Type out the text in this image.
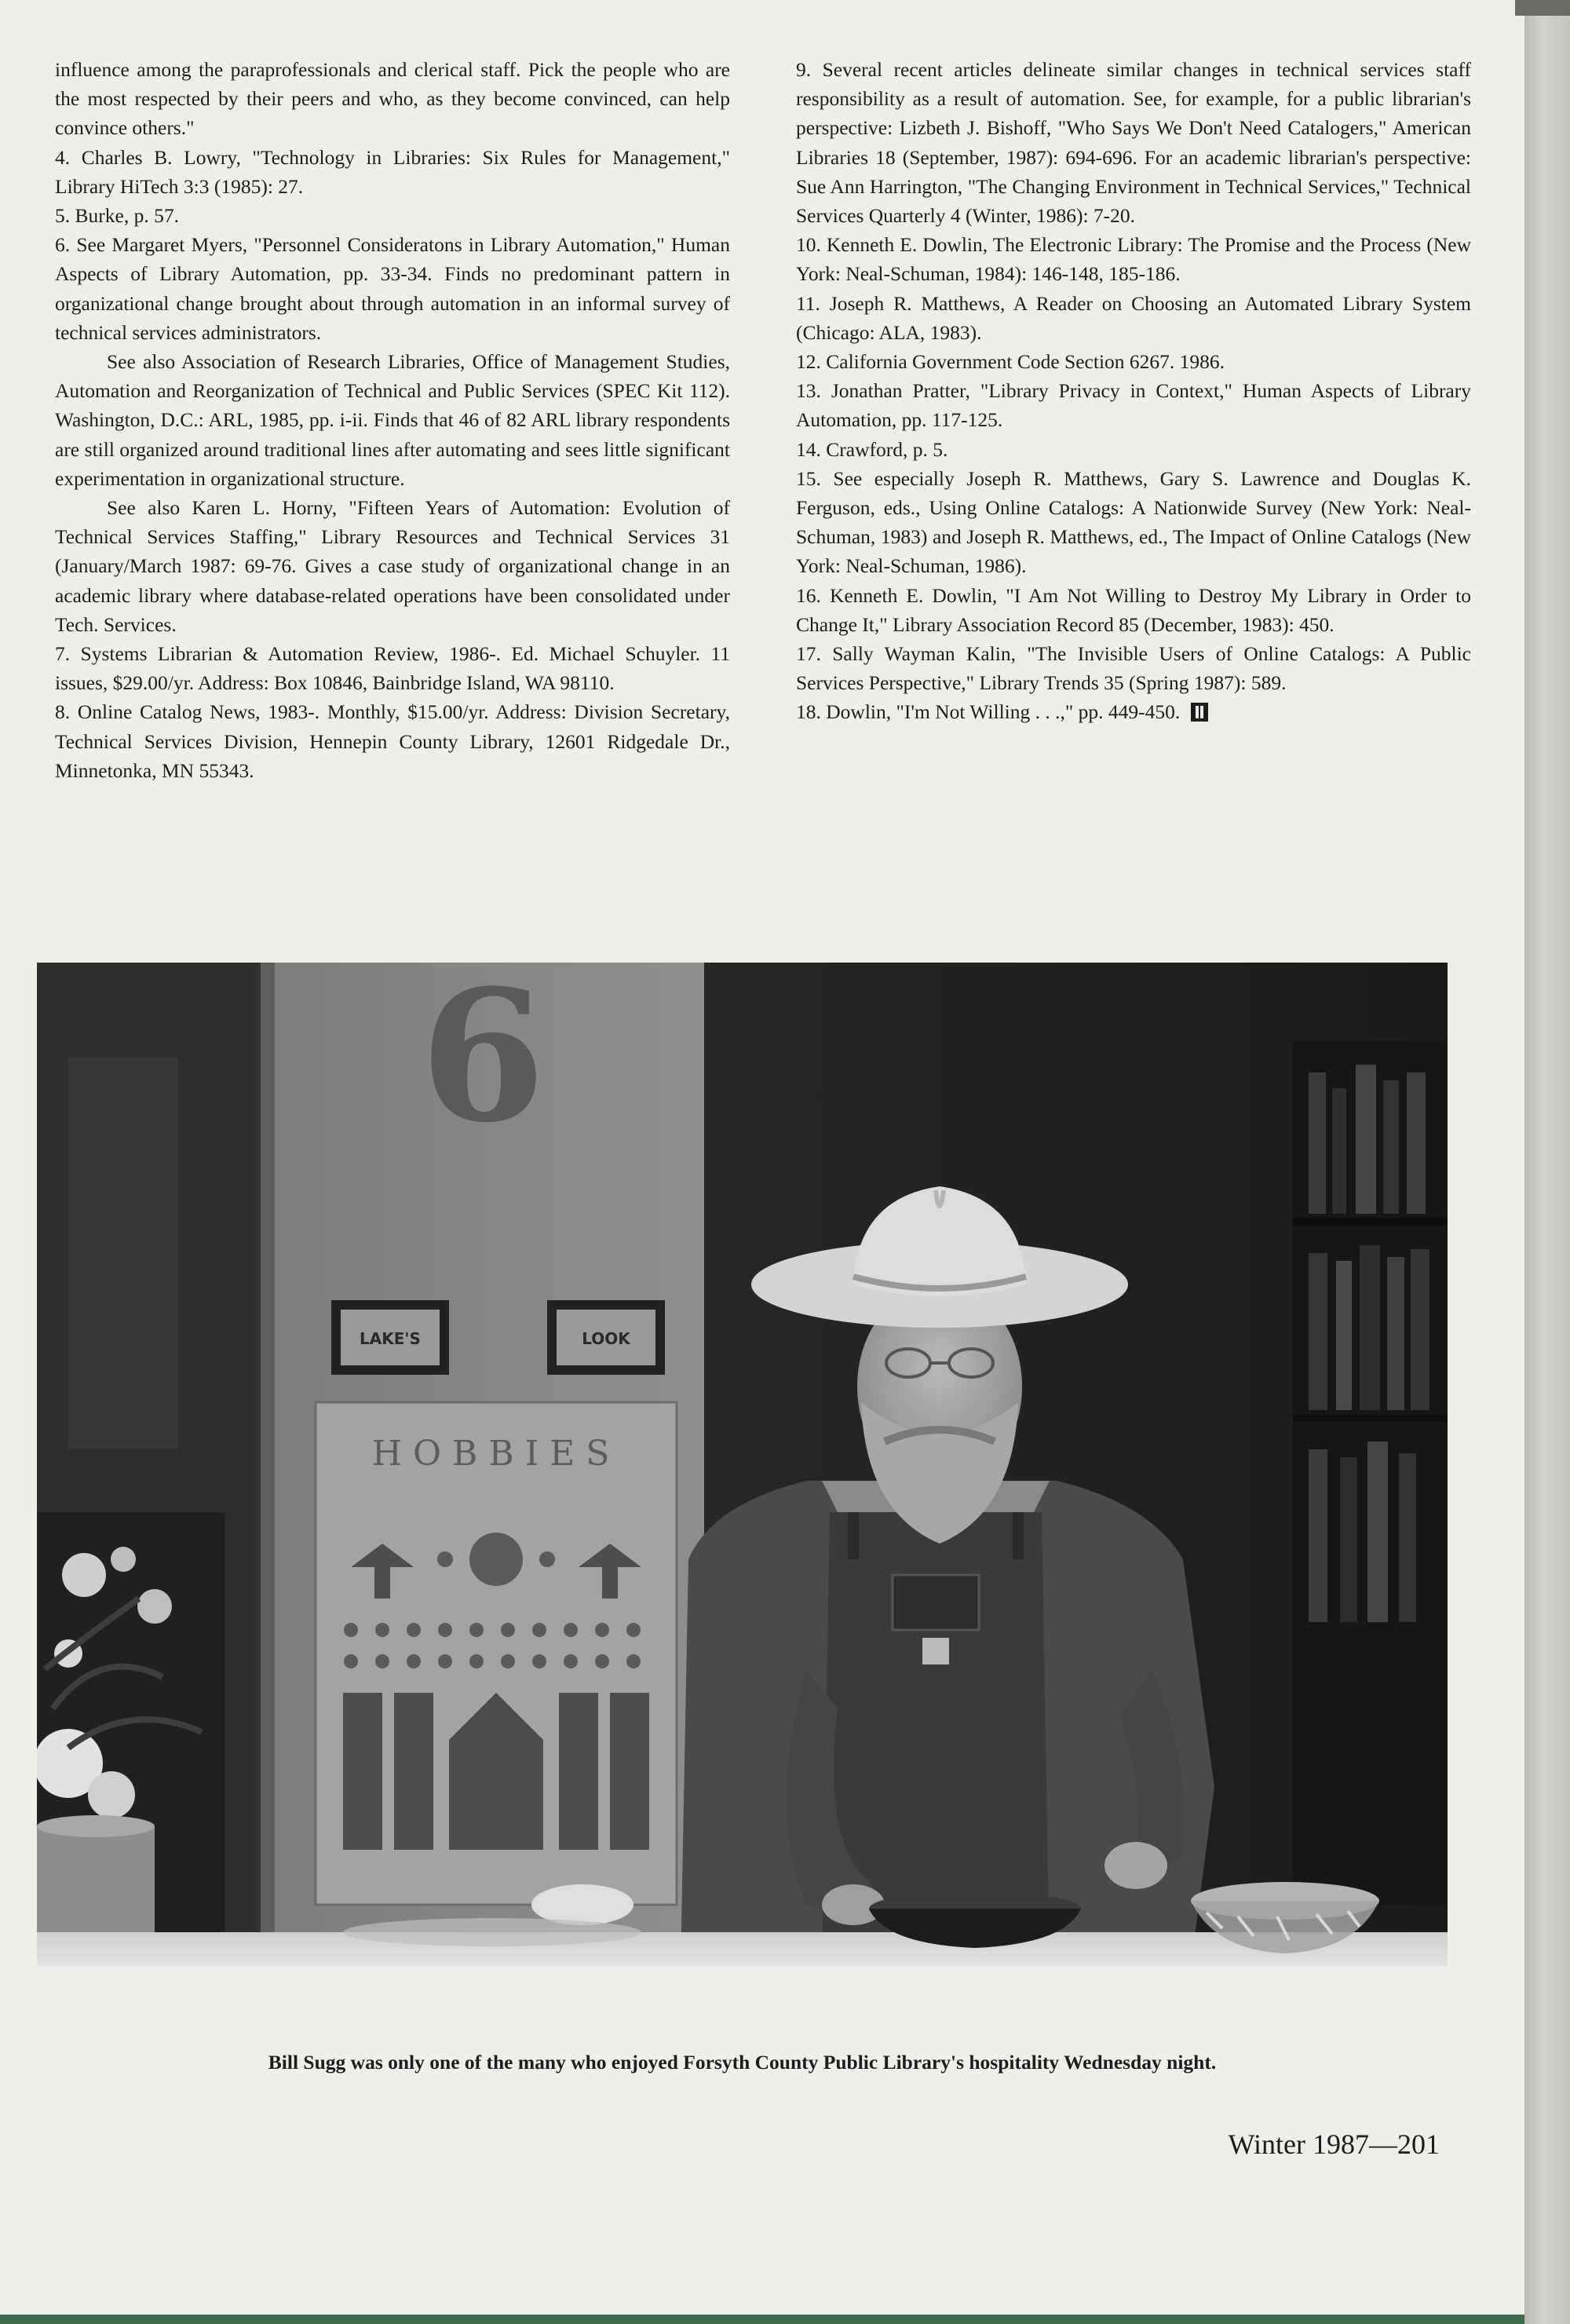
influence among the paraprofessionals and clerical staff. Pick the people who are the most respected by their peers and who, as they become convinced, can help convince others."

4. Charles B. Lowry, "Technology in Libraries: Six Rules for Management," Library HiTech 3:3 (1985): 27.

5. Burke, p. 57.

6. See Margaret Myers, "Personnel Consideratons in Library Automation," Human Aspects of Library Automation, pp. 33-34. Finds no predominant pattern in organizational change brought about through automation in an informal survey of technical services administrators.

See also Association of Research Libraries, Office of Management Studies, Automation and Reorganization of Technical and Public Services (SPEC Kit 112). Washington, D.C.: ARL, 1985, pp. i-ii. Finds that 46 of 82 ARL library respondents are still organized around traditional lines after automating and sees little significant experimentation in organizational structure.

See also Karen L. Horny, "Fifteen Years of Automation: Evolution of Technical Services Staffing," Library Resources and Technical Services 31 (January/March 1987: 69-76. Gives a case study of organizational change in an academic library where database-related operations have been consolidated under Tech. Services.

7. Systems Librarian & Automation Review, 1986-. Ed. Michael Schuyler. 11 issues, $29.00/yr. Address: Box 10846, Bainbridge Island, WA 98110.

8. Online Catalog News, 1983-. Monthly, $15.00/yr. Address: Division Secretary, Technical Services Division, Hennepin County Library, 12601 Ridgedale Dr., Minnetonka, MN 55343.

9. Several recent articles delineate similar changes in technical services staff responsibility as a result of automation. See, for example, for a public librarian's perspective: Lizbeth J. Bishoff, "Who Says We Don't Need Catalogers," American Libraries 18 (September, 1987): 694-696. For an academic librarian's perspective: Sue Ann Harrington, "The Changing Environment in Technical Services," Technical Services Quarterly 4 (Winter, 1986): 7-20.

10. Kenneth E. Dowlin, The Electronic Library: The Promise and the Process (New York: Neal-Schuman, 1984): 146-148, 185-186.

11. Joseph R. Matthews, A Reader on Choosing an Automated Library System (Chicago: ALA, 1983).

12. California Government Code Section 6267. 1986.

13. Jonathan Pratter, "Library Privacy in Context," Human Aspects of Library Automation, pp. 117-125.

14. Crawford, p. 5.

15. See especially Joseph R. Matthews, Gary S. Lawrence and Douglas K. Ferguson, eds., Using Online Catalogs: A Nationwide Survey (New York: Neal-Schuman, 1983) and Joseph R. Matthews, ed., The Impact of Online Catalogs (New York: Neal-Schuman, 1986).

16. Kenneth E. Dowlin, "I Am Not Willing to Destroy My Library in Order to Change It," Library Association Record 85 (December, 1983): 450.

17. Sally Wayman Kalin, "The Invisible Users of Online Catalogs: A Public Services Perspective," Library Trends 35 (Spring 1987): 589.

18. Dowlin, "I'm Not Willing . . .," pp. 449-450.

6
LAKE'S	LOOK
HOBBIES
Bill Sugg was only one of the many who enjoyed Forsyth County Public Library's hospitality Wednesday night.
Winter 1987—201
